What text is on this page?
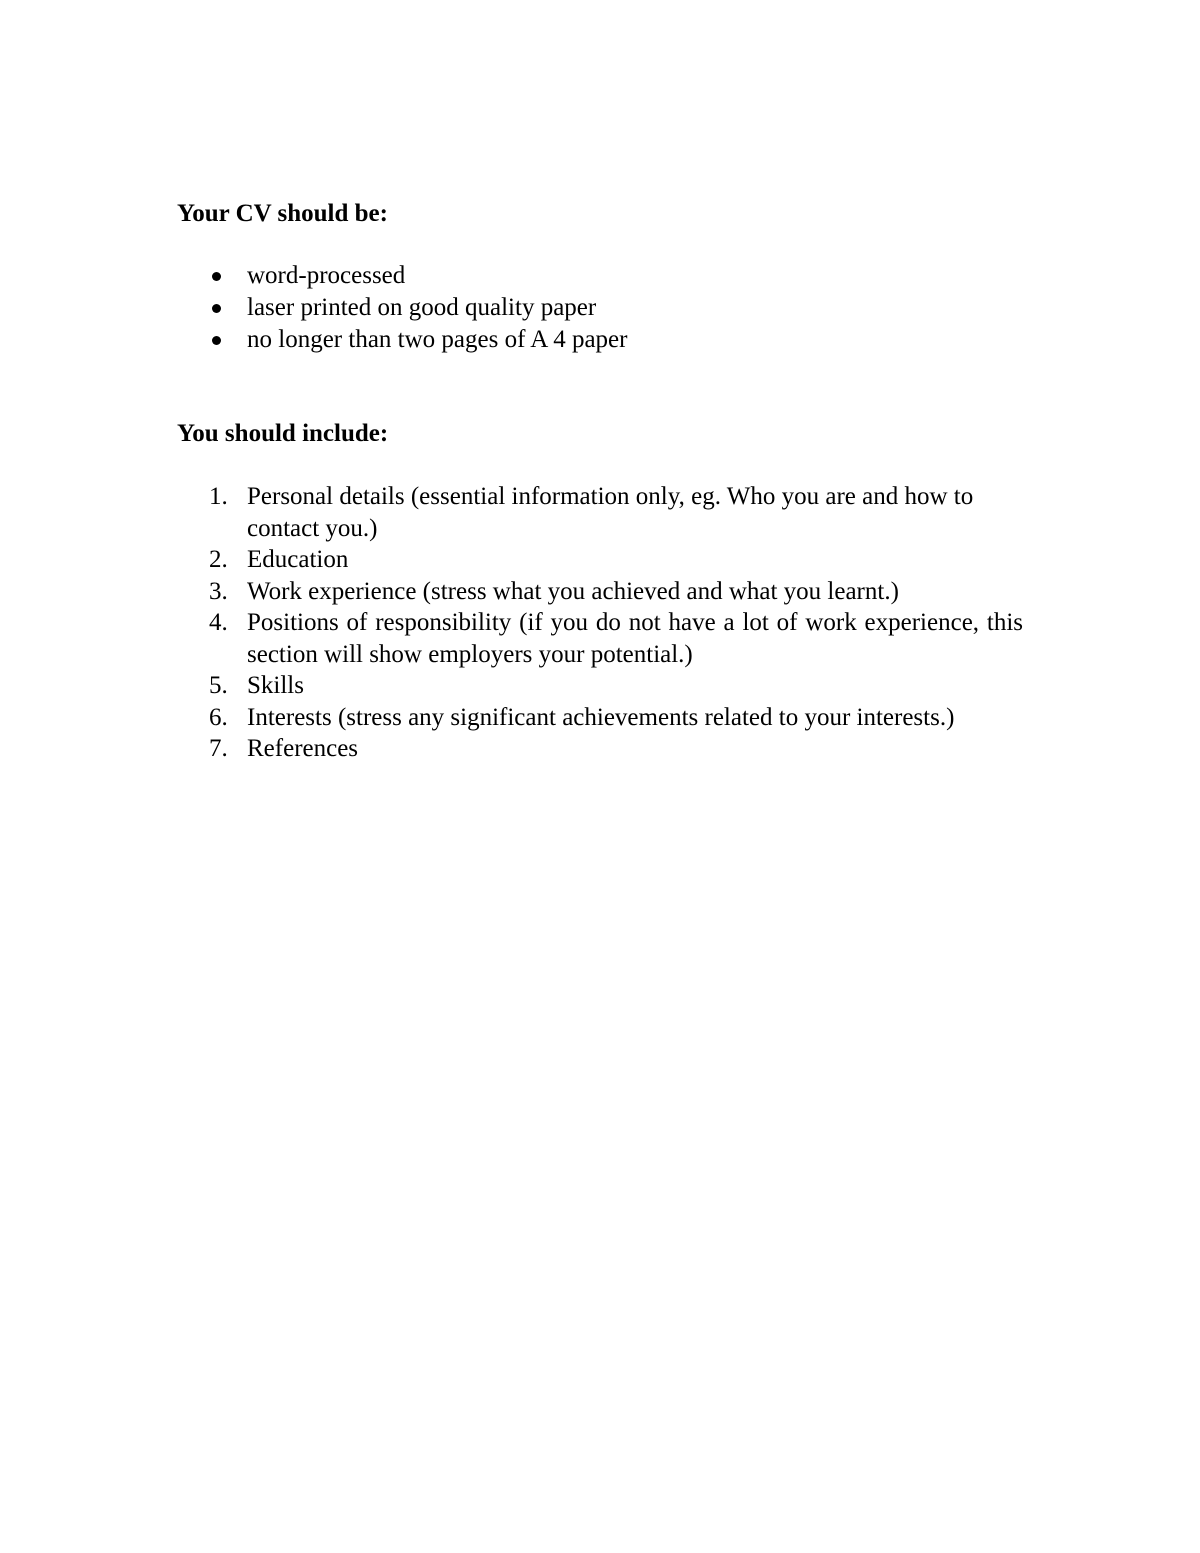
Your CV should be:
word-processed
laser printed on good quality paper
no longer than two pages of A 4 paper
You should include:
1. Personal details (essential information only, eg. Who you are and how to contact you.)
2. Education
3. Work experience (stress what you achieved and what you learnt.)
4. Positions of responsibility (if you do not have a lot of work experience, this section will show employers your potential.)
5. Skills
6. Interests (stress any significant achievements related to your interests.)
7. References
